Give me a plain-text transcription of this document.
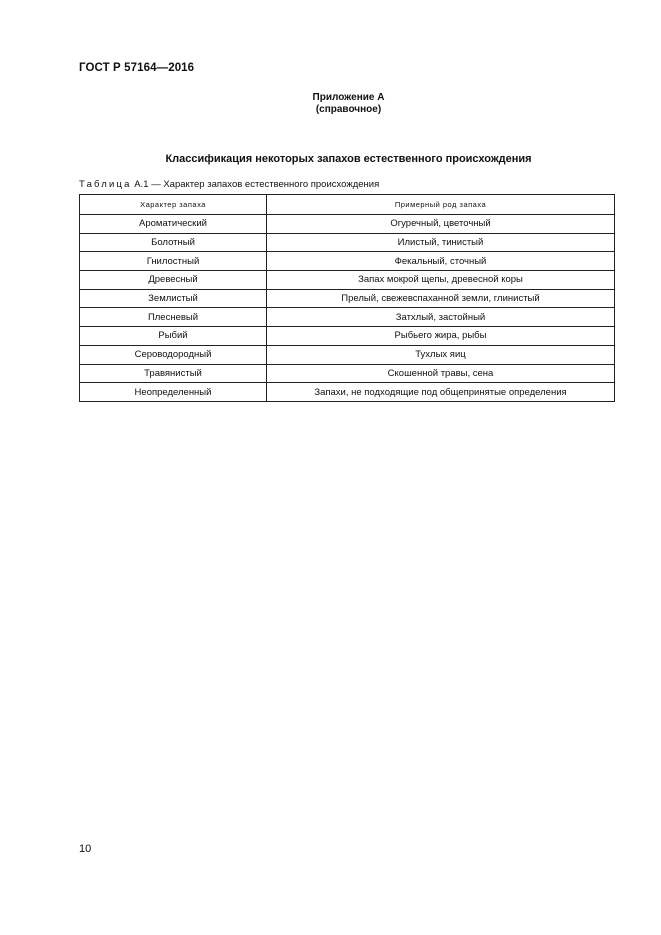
ГОСТ Р 57164—2016
Приложение А
(справочное)
Классификация некоторых запахов естественного происхождения
Таблица А.1 — Характер запахов естественного происхождения
Характер запаха	Примерный род запаха
Ароматический	Огуречный, цветочный
Болотный	Илистый, тинистый
Гнилостный	Фекальный, сточный
Древесный	Запах мокрой щепы, древесной коры
Землистый	Прелый, свежевспаханной земли, глинистый
Плесневый	Затхлый, застойный
Рыбий	Рыбьего жира, рыбы
Сероводородный	Тухлых яиц
Травянистый	Скошенной травы, сена
Неопределенный	Запахи, не подходящие под общепринятые определения
10
